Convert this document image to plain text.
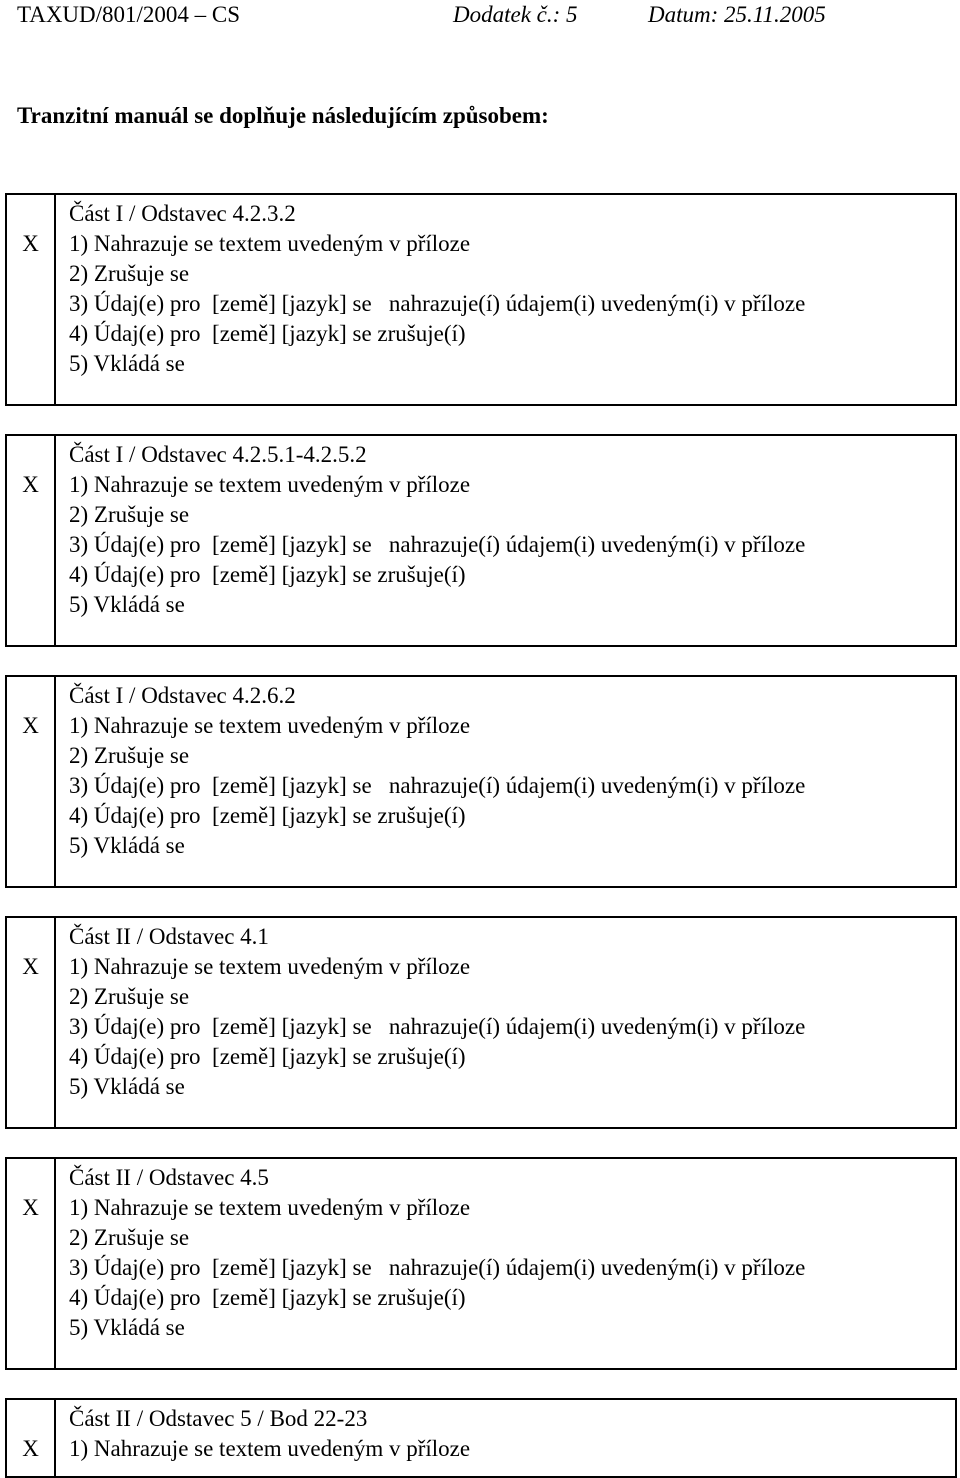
TAXUD/801/2004 – CS	Dodatek č.: 5	Datum: 25.11.2005
Tranzitní manuál se doplňuje následujícím způsobem:
X
Část I / Odstavec 4.2.3.2
1) Nahrazuje se textem uvedeným v příloze
2) Zrušuje se
3) Údaj(e) pro  [země] [jazyk] se   nahrazuje(í) údajem(i) uvedeným(i) v příloze
4) Údaj(e) pro  [země] [jazyk] se zrušuje(í)
5) Vkládá se
X
Část I / Odstavec 4.2.5.1-4.2.5.2
1) Nahrazuje se textem uvedeným v příloze
2) Zrušuje se
3) Údaj(e) pro  [země] [jazyk] se   nahrazuje(í) údajem(i) uvedeným(i) v příloze
4) Údaj(e) pro  [země] [jazyk] se zrušuje(í)
5) Vkládá se
X
Část I / Odstavec 4.2.6.2
1) Nahrazuje se textem uvedeným v příloze
2) Zrušuje se
3) Údaj(e) pro  [země] [jazyk] se   nahrazuje(í) údajem(i) uvedeným(i) v příloze
4) Údaj(e) pro  [země] [jazyk] se zrušuje(í)
5) Vkládá se
X
Část II / Odstavec 4.1
1) Nahrazuje se textem uvedeným v příloze
2) Zrušuje se
3) Údaj(e) pro  [země] [jazyk] se   nahrazuje(í) údajem(i) uvedeným(i) v příloze
4) Údaj(e) pro  [země] [jazyk] se zrušuje(í)
5) Vkládá se
X
Část II / Odstavec 4.5
1) Nahrazuje se textem uvedeným v příloze
2) Zrušuje se
3) Údaj(e) pro  [země] [jazyk] se   nahrazuje(í) údajem(i) uvedeným(i) v příloze
4) Údaj(e) pro  [země] [jazyk] se zrušuje(í)
5) Vkládá se
X
Část II / Odstavec 5 / Bod 22-23
1) Nahrazuje se textem uvedeným v příloze
